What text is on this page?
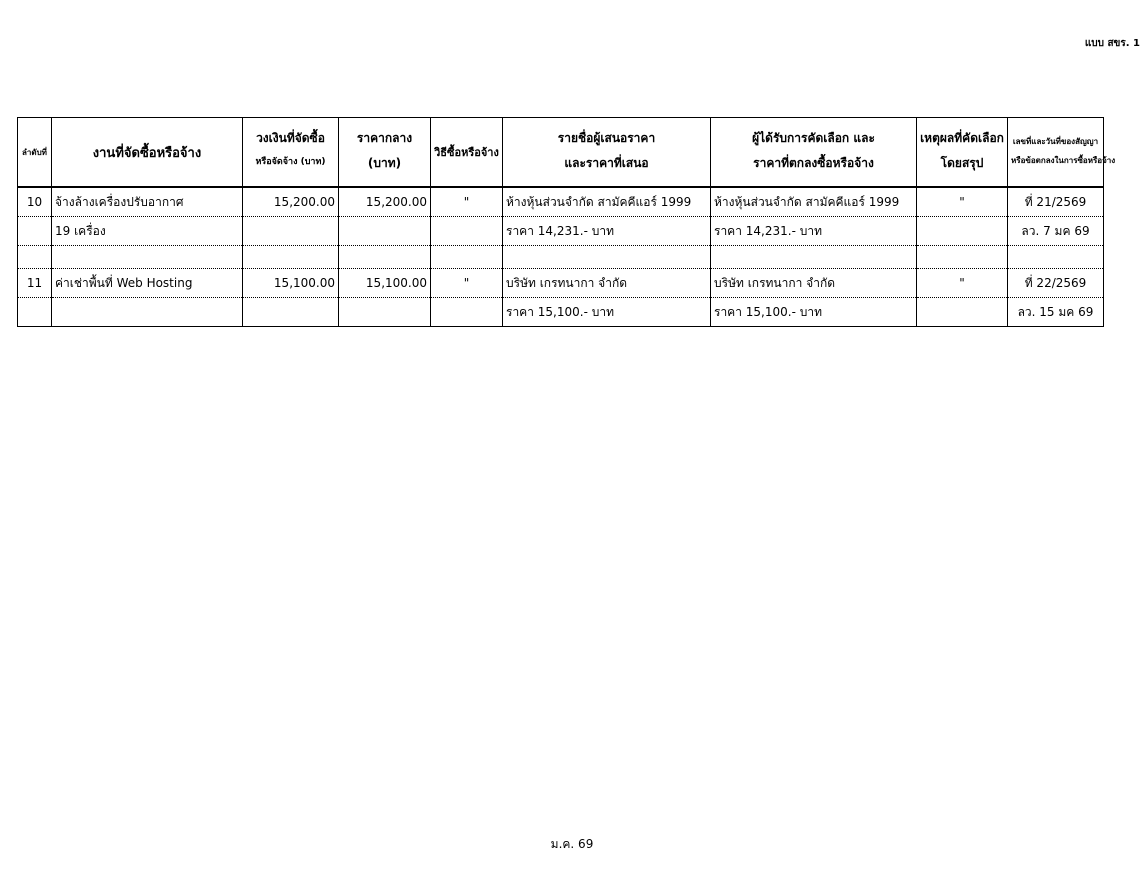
แบบ สขร. 1
ลำดับที่	งานที่จัดซื้อหรือจ้าง	วงเงินที่จัดซื้อ	ราคากลาง	วิธีซื้อหรือจ้าง	รายชื่อผู้เสนอราคา	ผู้ได้รับการคัดเลือก และ	เหตุผลที่คัดเลือก	เลขที่และวันที่ของสัญญา
		หรือจัดจ้าง (บาท)	(บาท)		และราคาที่เสนอ	ราคาที่ตกลงซื้อหรือจ้าง	โดยสรุป	หรือข้อตกลงในการซื้อหรือจ้าง
10	จ้างล้างเครื่องปรับอากาศ	15,200.00	15,200.00	"	ห้างหุ้นส่วนจำกัด สามัคคีแอร์ 1999	ห้างหุ้นส่วนจำกัด สามัคคีแอร์ 1999	"	ที่ 21/2569
	19 เครื่อง				ราคา 14,231.- บาท	ราคา 14,231.- บาท		ลว. 7 มค 69

11	ค่าเช่าพื้นที่ Web Hosting	15,100.00	15,100.00	"	บริษัท เกรทนากา จำกัด	บริษัท เกรทนากา จำกัด	"	ที่ 22/2569
					ราคา 15,100.- บาท	ราคา 15,100.- บาท		ลว. 15 มค 69
ม.ค. 69
